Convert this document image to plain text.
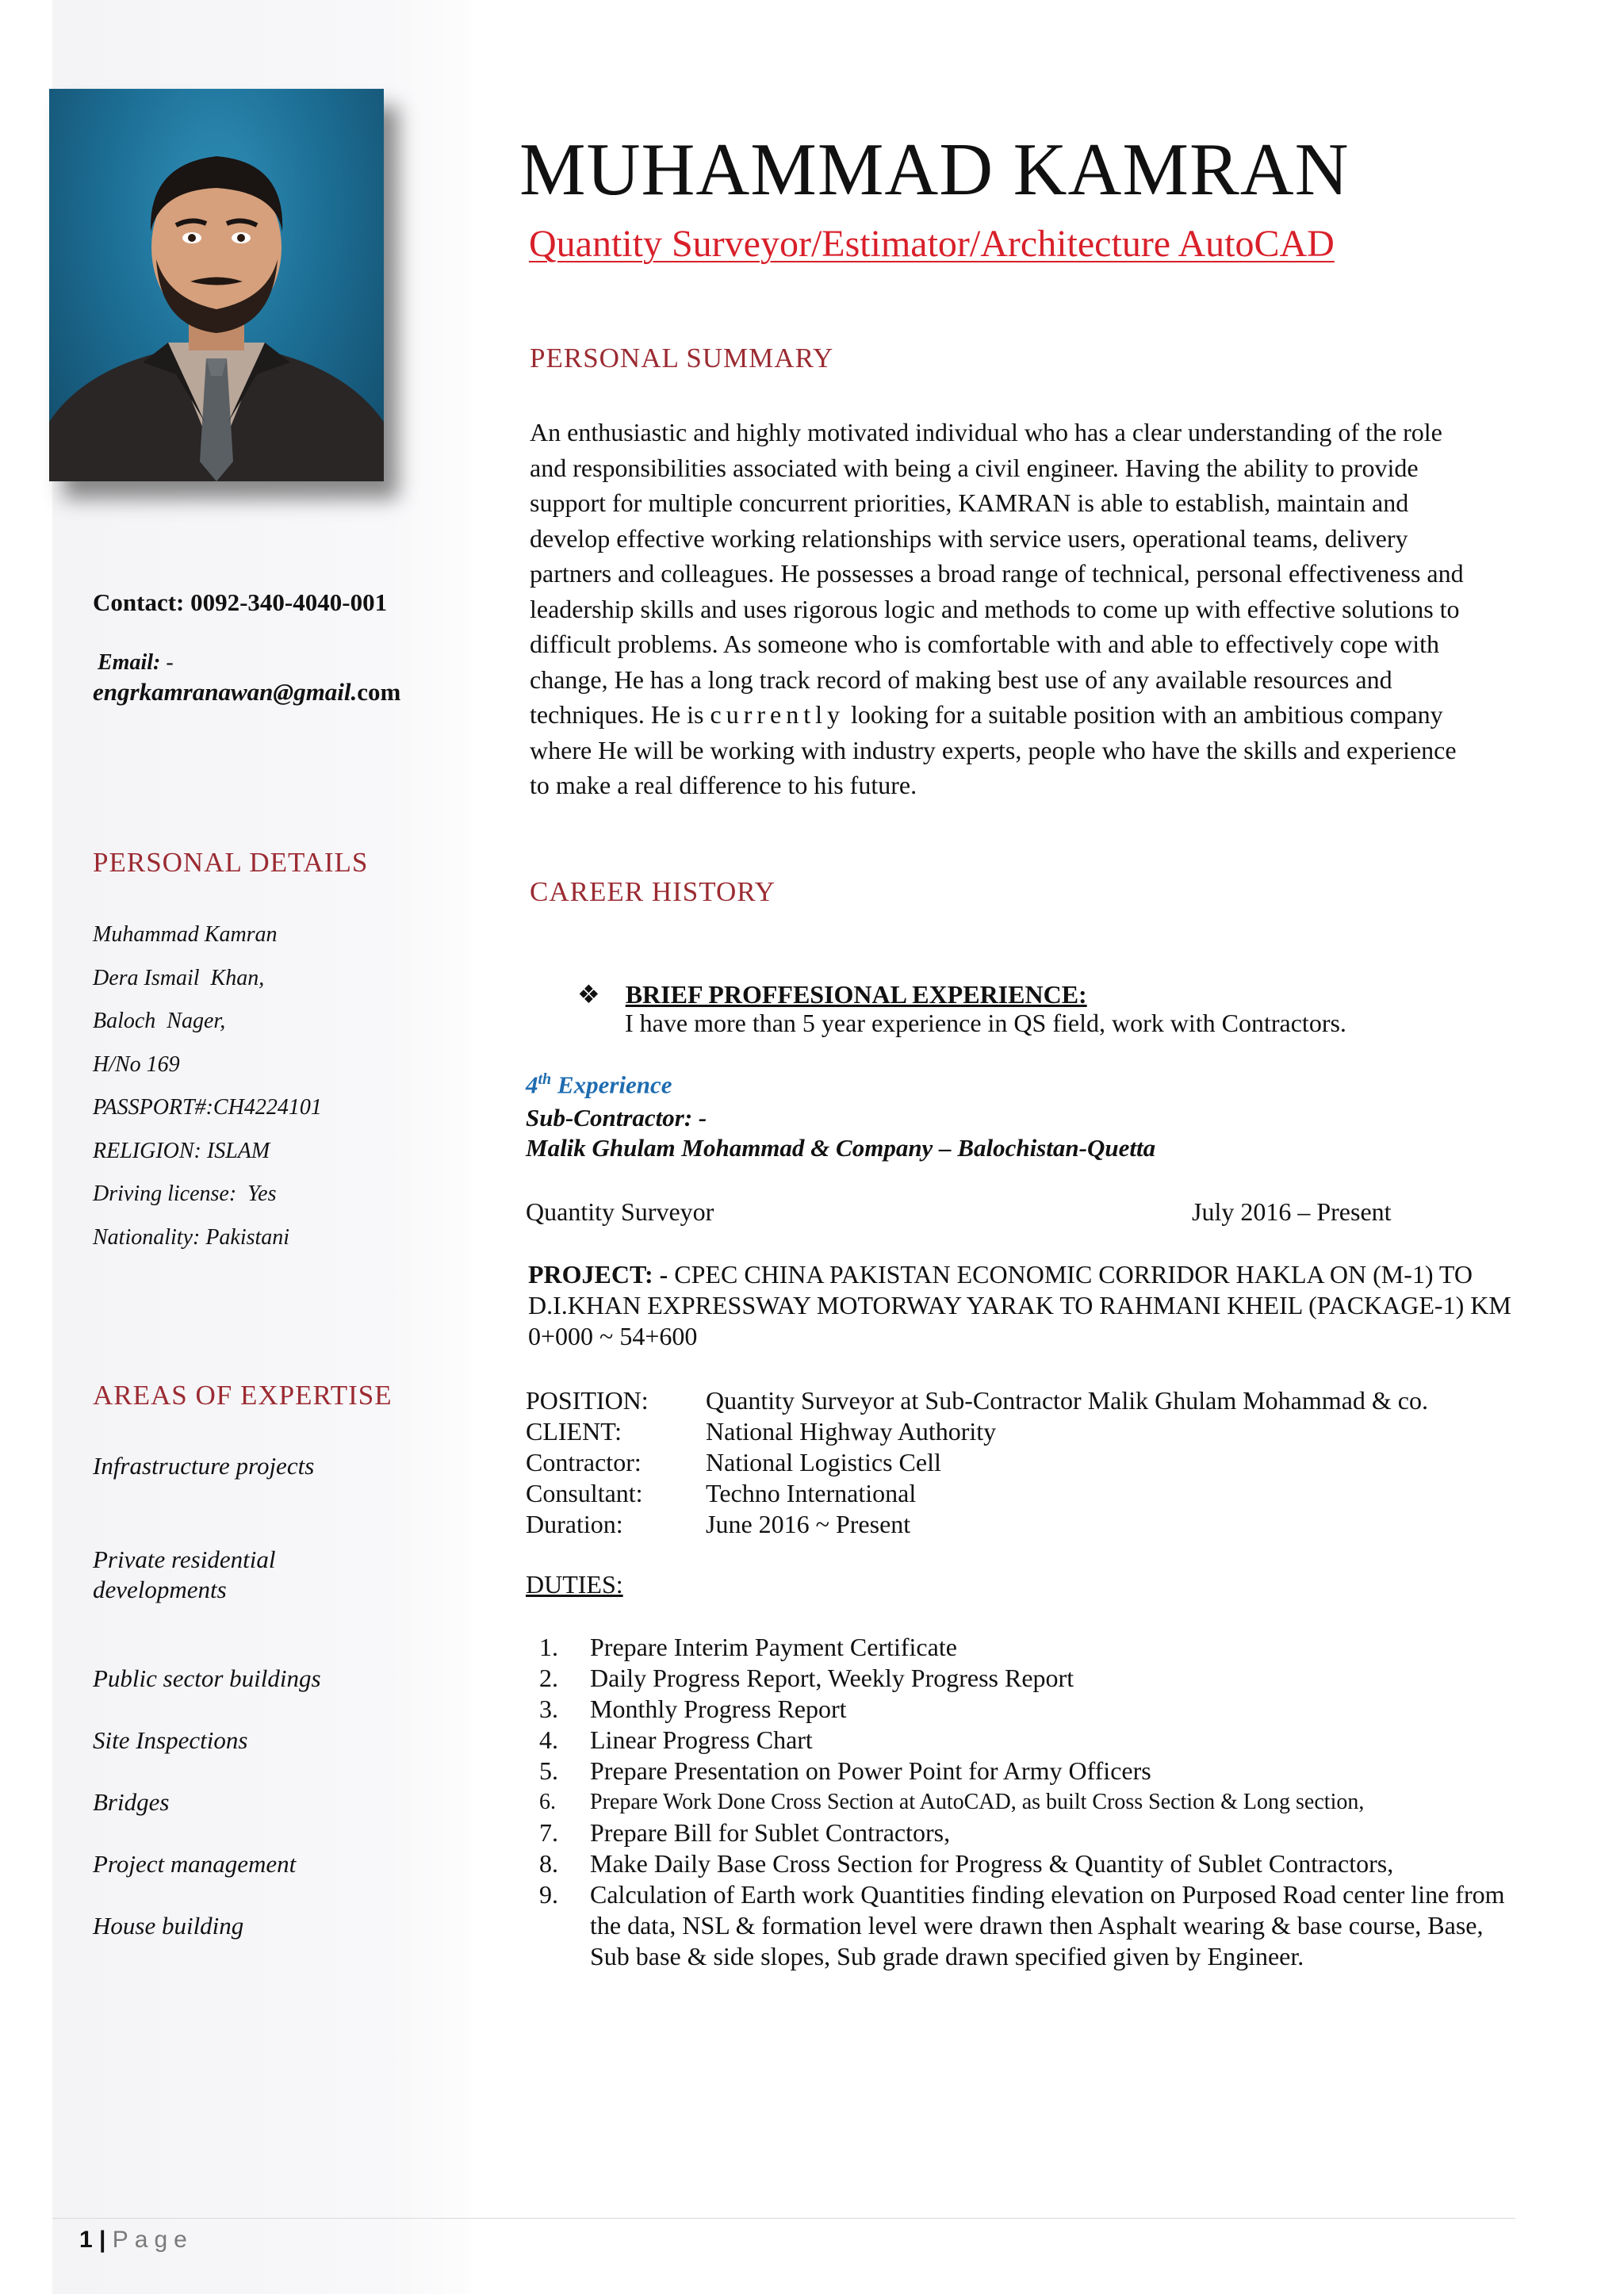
MUHAMMAD KAMRAN
Quantity Surveyor/Estimator/Architecture AutoCAD
PERSONAL SUMMARY
An enthusiastic and highly motivated individual who has a clear understanding of the role and responsibilities associated with being a civil engineer. Having the ability to provide support for multiple concurrent priorities, KAMRAN is able to establish, maintain and develop effective working relationships with service users, operational teams, delivery partners and colleagues. He possesses a broad range of technical, personal effectiveness and leadership skills and uses rigorous logic and methods to come up with effective solutions to difficult problems. As someone who is comfortable with and able to effectively cope with change, He has a long track record of making best use of any available resources and techniques. He is currently looking for a suitable position with an ambitious company where He will be working with industry experts, people who have the skills and experience to make a real difference to his future.
Contact: 0092-340-4040-001
Email: -
engrkamranawan@gmail.com
PERSONAL DETAILS
Muhammad Kamran
Dera Ismail  Khan,
Baloch  Nager,
H/No 169
PASSPORT#:CH4224101
RELIGION: ISLAM
Driving license:  Yes
Nationality: Pakistani
AREAS OF EXPERTISE
Infrastructure projects
Private residential
developments
Public sector buildings
Site Inspections
Bridges
Project management
House building
CAREER HISTORY
❖ BRIEF PROFFESIONAL EXPERIENCE:
I have more than 5 year experience in QS field, work with Contractors.
4th Experience
Sub-Contractor: -
Malik Ghulam Mohammad & Company – Balochistan-Quetta
Quantity Surveyor	July 2016 – Present
PROJECT: - CPEC CHINA PAKISTAN ECONOMIC CORRIDOR HAKLA ON (M-1) TO D.I.KHAN EXPRESSWAY MOTORWAY YARAK TO RAHMANI KHEIL (PACKAGE-1) KM 0+000 ~ 54+600
POSITION:	Quantity Surveyor at Sub-Contractor Malik Ghulam Mohammad & co.
CLIENT:	National Highway Authority
Contractor:	National Logistics Cell
Consultant:	Techno International
Duration:	June 2016 ~ Present
DUTIES:
1.	Prepare Interim Payment Certificate
2.	Daily Progress Report, Weekly Progress Report
3.	Monthly Progress Report
4.	Linear Progress Chart
5.	Prepare Presentation on Power Point for Army Officers
6.	Prepare Work Done Cross Section at AutoCAD, as built Cross Section & Long section,
7.	Prepare Bill for Sublet Contractors,
8.	Make Daily Base Cross Section for Progress & Quantity of Sublet Contractors,
9.	Calculation of Earth work Quantities finding elevation on Purposed Road center line from the data, NSL & formation level were drawn then Asphalt wearing & base course, Base, Sub base & side slopes, Sub grade drawn specified given by Engineer.
1 | Page
